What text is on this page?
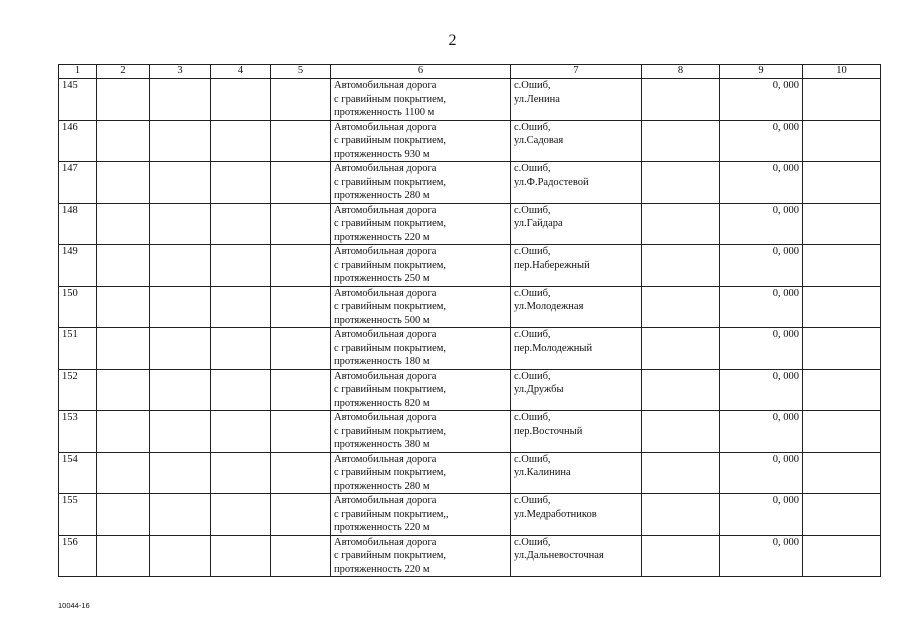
2
1	2	3	4	5	6	7	8	9	10
145					Автомобильная дорога
с гравийным покрытием,
протяженность 1100 м	с.Ошиб,
ул.Ленина		0, 000	
146					Автомобильная дорога
с гравийным покрытием,
протяженность 930 м	с.Ошиб,
ул.Садовая		0, 000	
147					Автомобильная дорога
с гравийным покрытием,
протяженность 280 м	с.Ошиб,
ул.Ф.Радостевой		0, 000	
148					Автомобильная дорога
с гравийным покрытием,
протяженность 220 м	с.Ошиб,
ул.Гайдара		0, 000	
149					Автомобильная дорога
с гравийным покрытием,
протяженность 250 м	с.Ошиб,
пер.Набережный		0, 000	
150					Автомобильная дорога
с гравийным покрытием,
протяженность 500 м	с.Ошиб,
ул.Молодежная		0, 000	
151					Автомобильная дорога
с гравийным покрытием,
протяженность 180 м	с.Ошиб,
пер.Молодежный		0, 000	
152					Автомобильная дорога
с гравийным покрытием,
протяженность 820 м	с.Ошиб,
ул.Дружбы		0, 000	
153					Автомобильная дорога
с гравийным покрытием,
протяженность 380 м	с.Ошиб,
пер.Восточный		0, 000	
154					Автомобильная дорога
с гравийным покрытием,
протяженность 280 м	с.Ошиб,
ул.Калинина		0, 000	
155					Автомобильная дорога
с гравийным покрытием,,
протяженность 220 м	с.Ошиб,
ул.Медработников		0, 000	
156					Автомобильная дорога
с гравийным покрытием,
протяженность 220 м	с.Ошиб,
ул.Дальневосточная		0, 000	
10044-16
